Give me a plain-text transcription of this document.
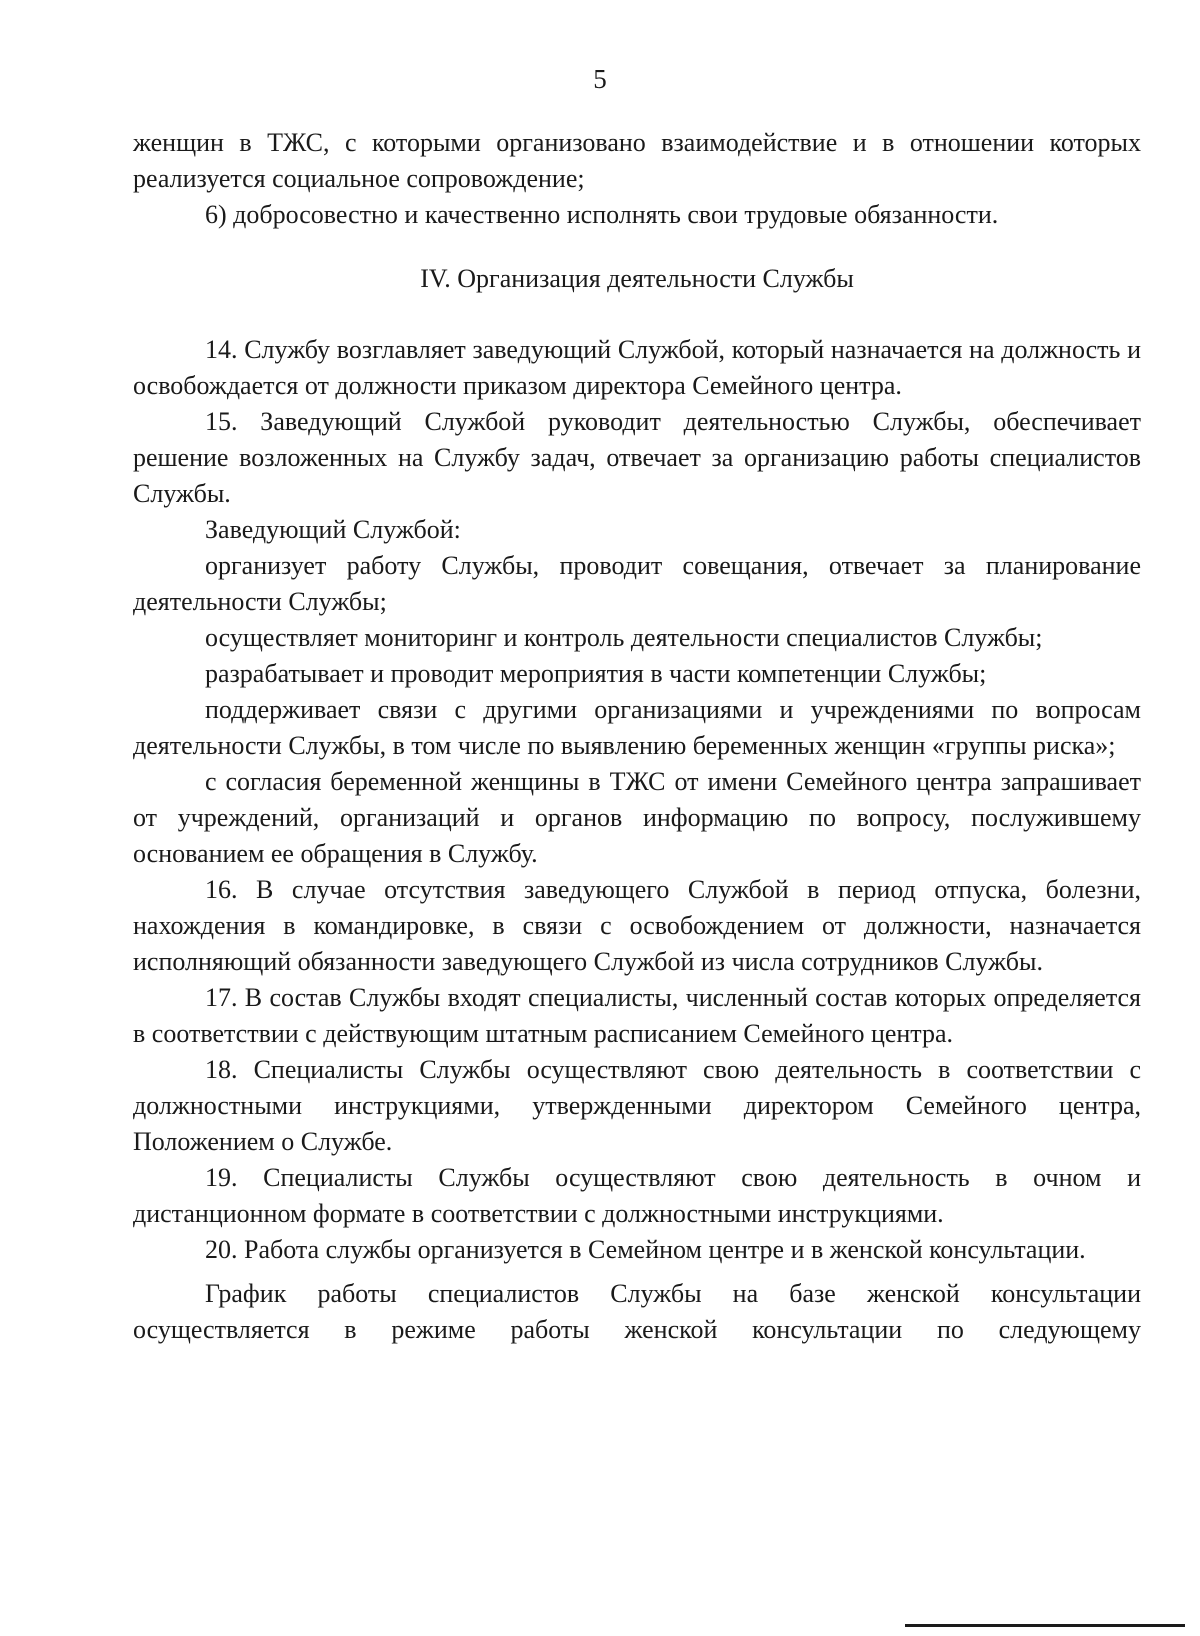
5

женщин в ТЖС, с которыми организовано взаимодействие и в отношении которых реализуется социальное сопровождение;

6) добросовестно и качественно исполнять свои трудовые обязанности.

IV. Организация деятельности Службы

14. Службу возглавляет заведующий Службой, который назначается на должность и освобождается от должности приказом директора Семейного центра.

15. Заведующий Службой руководит деятельностью Службы, обеспечивает решение возложенных на Службу задач, отвечает за организацию работы специалистов Службы.

Заведующий Службой:

организует работу Службы, проводит совещания, отвечает за планирование деятельности Службы;

осуществляет мониторинг и контроль деятельности специалистов Службы;

разрабатывает и проводит мероприятия в части компетенции Службы;

поддерживает связи с другими организациями и учреждениями по вопросам деятельности Службы, в том числе по выявлению беременных женщин «группы риска»;

с согласия беременной женщины в ТЖС от имени Семейного центра запрашивает от учреждений, организаций и органов информацию по вопросу, послужившему основанием ее обращения в Службу.

16. В случае отсутствия заведующего Службой в период отпуска, болезни, нахождения в командировке, в связи с освобождением от должности, назначается исполняющий обязанности заведующего Службой из числа сотрудников Службы.

17. В состав Службы входят специалисты, численный состав которых определяется в соответствии с действующим штатным расписанием Семейного центра.

18. Специалисты Службы осуществляют свою деятельность в соответствии с должностными инструкциями, утвержденными директором Семейного центра, Положением о Службе.

19. Специалисты Службы осуществляют свою деятельность в очном и дистанционном формате в соответствии с должностными инструкциями.

20. Работа службы организуется в Семейном центре и в женской консультации.

График работы специалистов Службы на базе женской консультации осуществляется в режиме работы женской консультации по следующему
